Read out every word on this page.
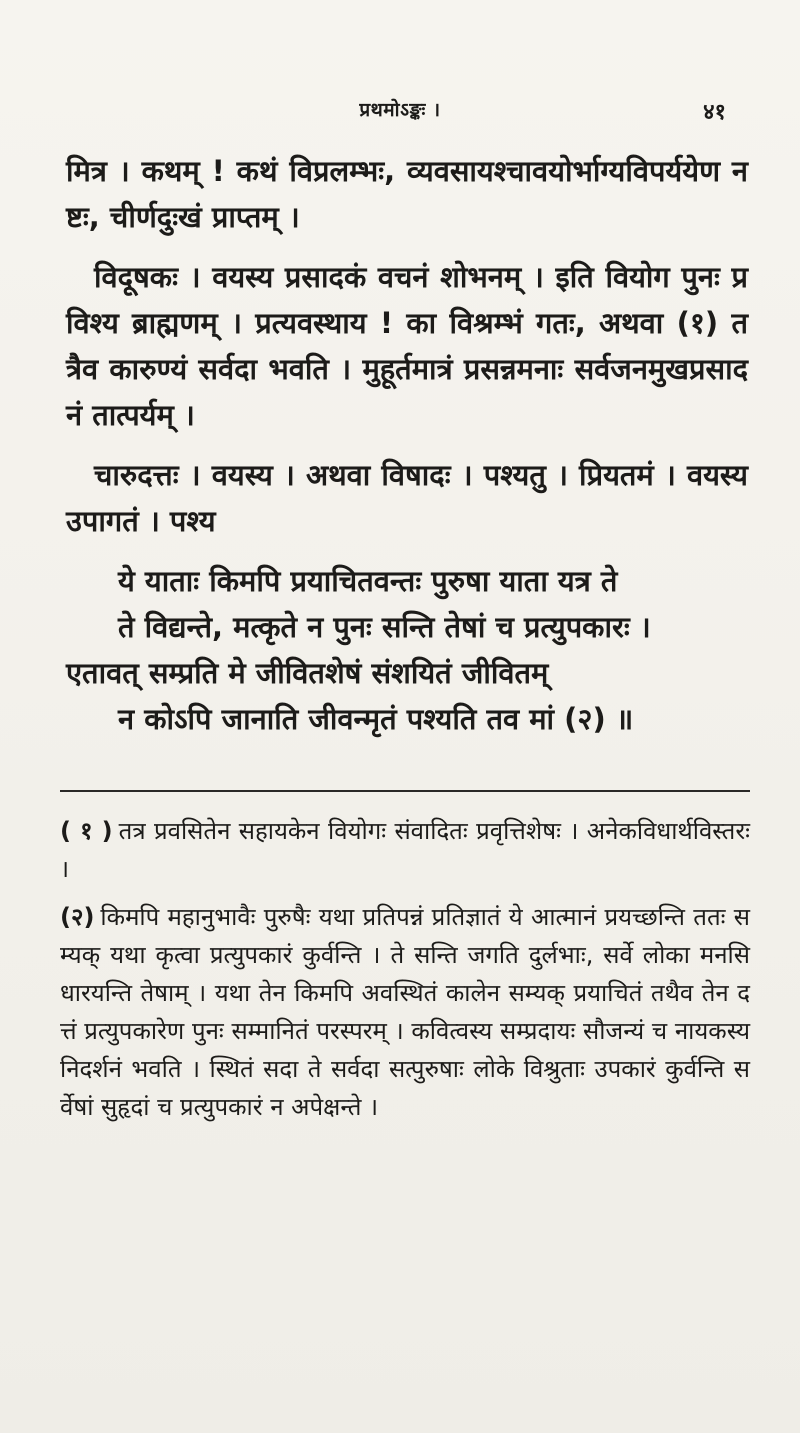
प्रथमोऽङ्कः ।	४१

मित्र । कथम् ! कथं विप्रलम्भः, व्यवसायश्चावयोर्भाग्यविपर्ययेण नष्टः, चीर्णदुःखं प्राप्तम् ।

विदूषकः । वयस्य प्रसादकं वचनं शोभनम् । इति वियोग पुनः प्रविश्य ब्राह्मणम् । प्रत्यवस्थाय ! का विश्रम्भं गतः, अथवा (१) तत्रैव कारुण्यं सर्वदा भवति । मुहूर्तमात्रं प्रसन्नमनाः सर्वजनमुखप्रसादनं तात्पर्यम् ।

चारुदत्तः । वयस्य । अथवा विषादः । पश्यतु । प्रियतमं । वयस्य उपागतं । पश्य

ये याताः किमपि प्रयाचितवन्तः पुरुषा याता यत्र ते
ते विद्यन्ते, मत्कृते न पुनः सन्ति तेषां च प्रत्युपकारः ।
एतावत् सम्प्रति मे जीवितशेषं संशयितं जीवितम्
न कोऽपि जानाति जीवन्मृतं पश्यति तव मां (२) ॥

( १ ) तत्र प्रवसितेन सहायकेन वियोगः संवादितः प्रवृत्तिशेषः । अनेकविधार्थविस्तरः ।

(२) किमपि महानुभावैः पुरुषैः यथा प्रतिपन्नं प्रतिज्ञातं ये आत्मानं प्रयच्छन्ति ततः सम्यक् यथा कृत्वा प्रत्युपकारं कुर्वन्ति । ते सन्ति जगति दुर्लभाः, सर्वे लोका मनसि धारयन्ति तेषाम् । यथा तेन किमपि अवस्थितं कालेन सम्यक् प्रयाचितं तथैव तेन दत्तं प्रत्युपकारेण पुनः सम्मानितं परस्परम् । कवित्वस्य सम्प्रदायः सौजन्यं च नायकस्य निदर्शनं भवति । स्थितं सदा ते सर्वदा सत्पुरुषाः लोके विश्रुताः उपकारं कुर्वन्ति सर्वेषां सुहृदां च प्रत्युपकारं न अपेक्षन्ते ।
